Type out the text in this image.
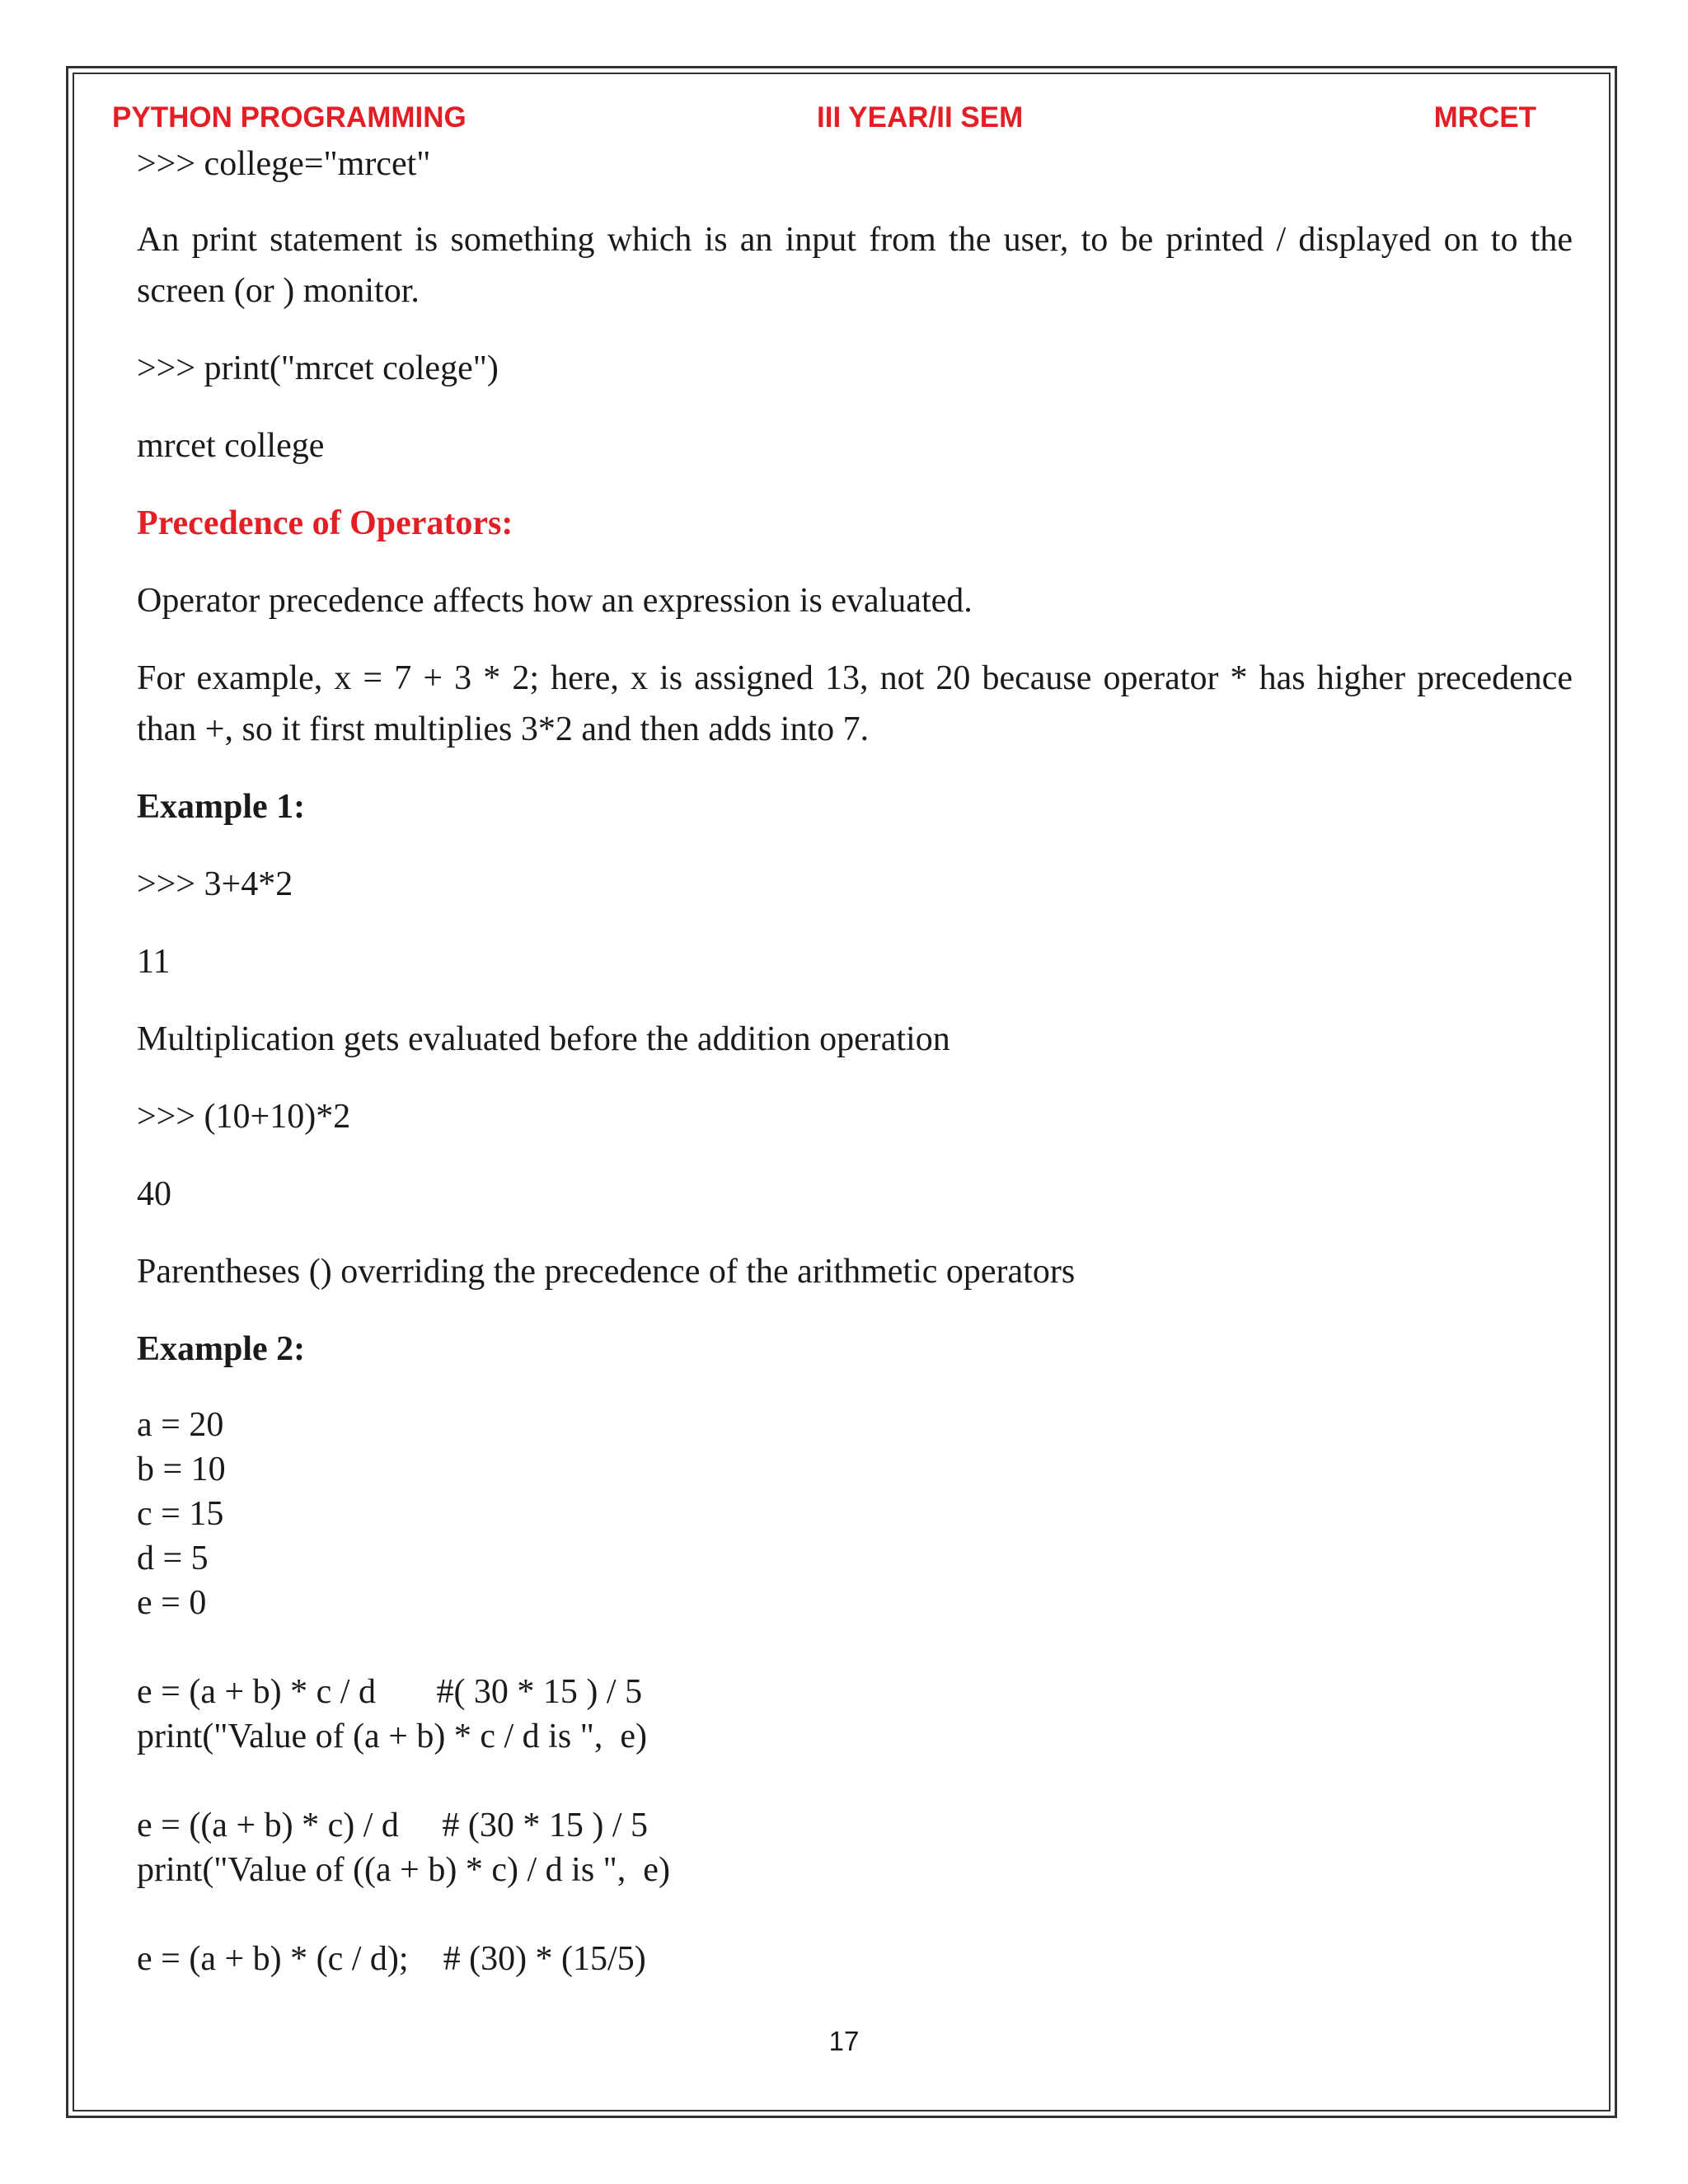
PYTHON PROGRAMMING	III YEAR/II SEM	MRCET

>>> college="mrcet"

An print statement is something which is an input from the user, to be printed / displayed on to the screen (or ) monitor.

>>> print("mrcet colege")

mrcet college

Precedence of Operators:

Operator precedence affects how an expression is evaluated.

For example, x = 7 + 3 * 2; here, x is assigned 13, not 20 because operator * has higher precedence than +, so it first multiplies 3*2 and then adds into 7.

Example 1:

>>> 3+4*2

11

Multiplication gets evaluated before the addition operation

>>> (10+10)*2

40

Parentheses () overriding the precedence of the arithmetic operators

Example 2:

a = 20

b = 10

c = 15

d = 5

e = 0

e = (a + b) * c / d       #( 30 * 15 ) / 5

print("Value of (a + b) * c / d is ",  e)

e = ((a + b) * c) / d     # (30 * 15 ) / 5

print("Value of ((a + b) * c) / d is ",  e)

e = (a + b) * (c / d);    # (30) * (15/5)

17
